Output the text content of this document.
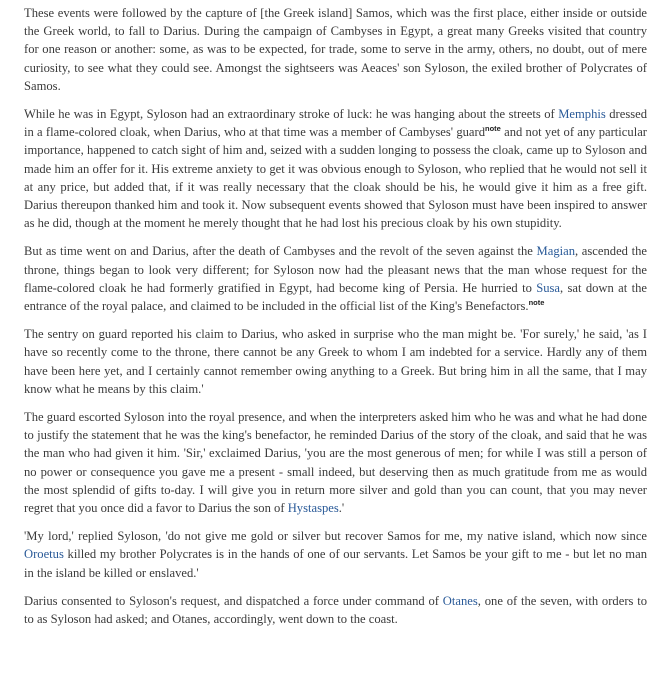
These events were followed by the capture of [the Greek island] Samos, which was the first place, either inside or outside the Greek world, to fall to Darius. During the campaign of Cambyses in Egypt, a great many Greeks visited that country for one reason or another: some, as was to be expected, for trade, some to serve in the army, others, no doubt, out of mere curiosity, to see what they could see. Amongst the sightseers was Aeaces' son Syloson, the exiled brother of Polycrates of Samos.

While he was in Egypt, Syloson had an extraordinary stroke of luck: he was hanging about the streets of Memphis dressed in a flame-colored cloak, when Darius, who at that time was a member of Cambyses' guard$^{note}$ and not yet of any particular importance, happened to catch sight of him and, seized with a sudden longing to possess the cloak, came up to Syloson and made him an offer for it. His extreme anxiety to get it was obvious enough to Syloson, who replied that he would not sell it at any price, but added that, if it was really necessary that the cloak should be his, he would give it him as a free gift. Darius thereupon thanked him and took it. Now subsequent events showed that Syloson must have been inspired to answer as he did, though at the moment he merely thought that he had lost his precious cloak by his own stupidity.

But as time went on and Darius, after the death of Cambyses and the revolt of the seven against the Magian, ascended the throne, things began to look very different; for Syloson now had the pleasant news that the man whose request for the flame-colored cloak he had formerly gratified in Egypt, had become king of Persia. He hurried to Susa, sat down at the entrance of the royal palace, and claimed to be included in the official list of the King's Benefactors.$^{note}$

The sentry on guard reported his claim to Darius, who asked in surprise who the man might be. 'For surely,' he said, 'as I have so recently come to the throne, there cannot be any Greek to whom I am indebted for a service. Hardly any of them have been here yet, and I certainly cannot remember owing anything to a Greek. But bring him in all the same, that I may know what he means by this claim.'

The guard escorted Syloson into the royal presence, and when the interpreters asked him who he was and what he had done to justify the statement that he was the king's benefactor, he reminded Darius of the story of the cloak, and said that he was the man who had given it him. 'Sir,' exclaimed Darius, 'you are the most generous of men; for while I was still a person of no power or consequence you gave me a present - small indeed, but deserving then as much gratitude from me as would the most splendid of gifts to-day. I will give you in return more silver and gold than you can count, that you may never regret that you once did a favor to Darius the son of Hystaspes.'

'My lord,' replied Syloson, 'do not give me gold or silver but recover Samos for me, my native island, which now since Oroetus killed my brother Polycrates is in the hands of one of our servants. Let Samos be your gift to me - but let no man in the island be killed or enslaved.'

Darius consented to Syloson's request, and dispatched a force under command of Otanes, one of the seven, with orders to to as Syloson had asked; and Otanes, accordingly, went down to the coast.
